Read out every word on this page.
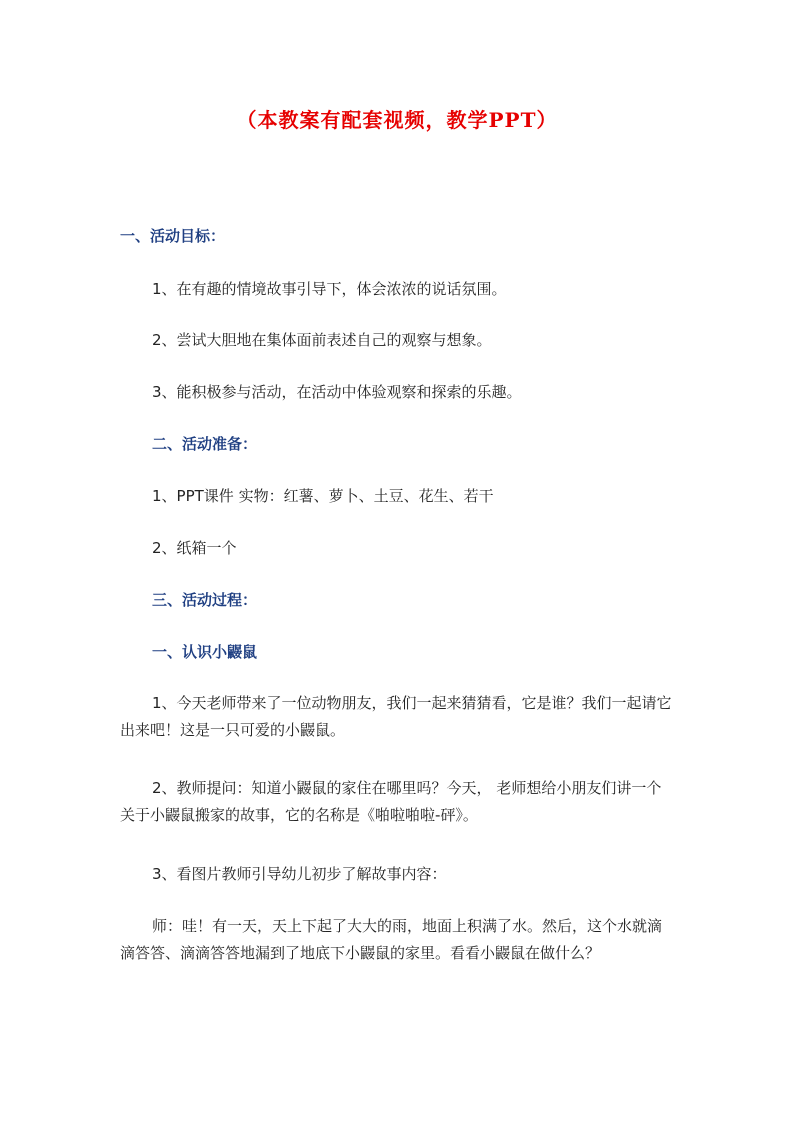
（本教案有配套视频，教学PPT）
一、活动目标：
1、在有趣的情境故事引导下，体会浓浓的说话氛围。
2、尝试大胆地在集体面前表述自己的观察与想象。
3、能积极参与活动，在活动中体验观察和探索的乐趣。
二、活动准备：
1、PPT课件 实物：红薯、萝卜、土豆、花生、若干
2、纸箱一个
三、活动过程：
一、认识小鼹鼠
1、今天老师带来了一位动物朋友，我们一起来猜猜看，它是谁？我们一起请它出来吧！这是一只可爱的小鼹鼠。
2、教师提问：知道小鼹鼠的家住在哪里吗？今天， 老师想给小朋友们讲一个关于小鼹鼠搬家的故事，它的名称是《啪啦啪啦-砰》。
3、看图片教师引导幼儿初步了解故事内容：
师：哇！有一天，天上下起了大大的雨，地面上积满了水。然后，这个水就滴滴答答、滴滴答答地漏到了地底下小鼹鼠的家里。看看小鼹鼠在做什么？
